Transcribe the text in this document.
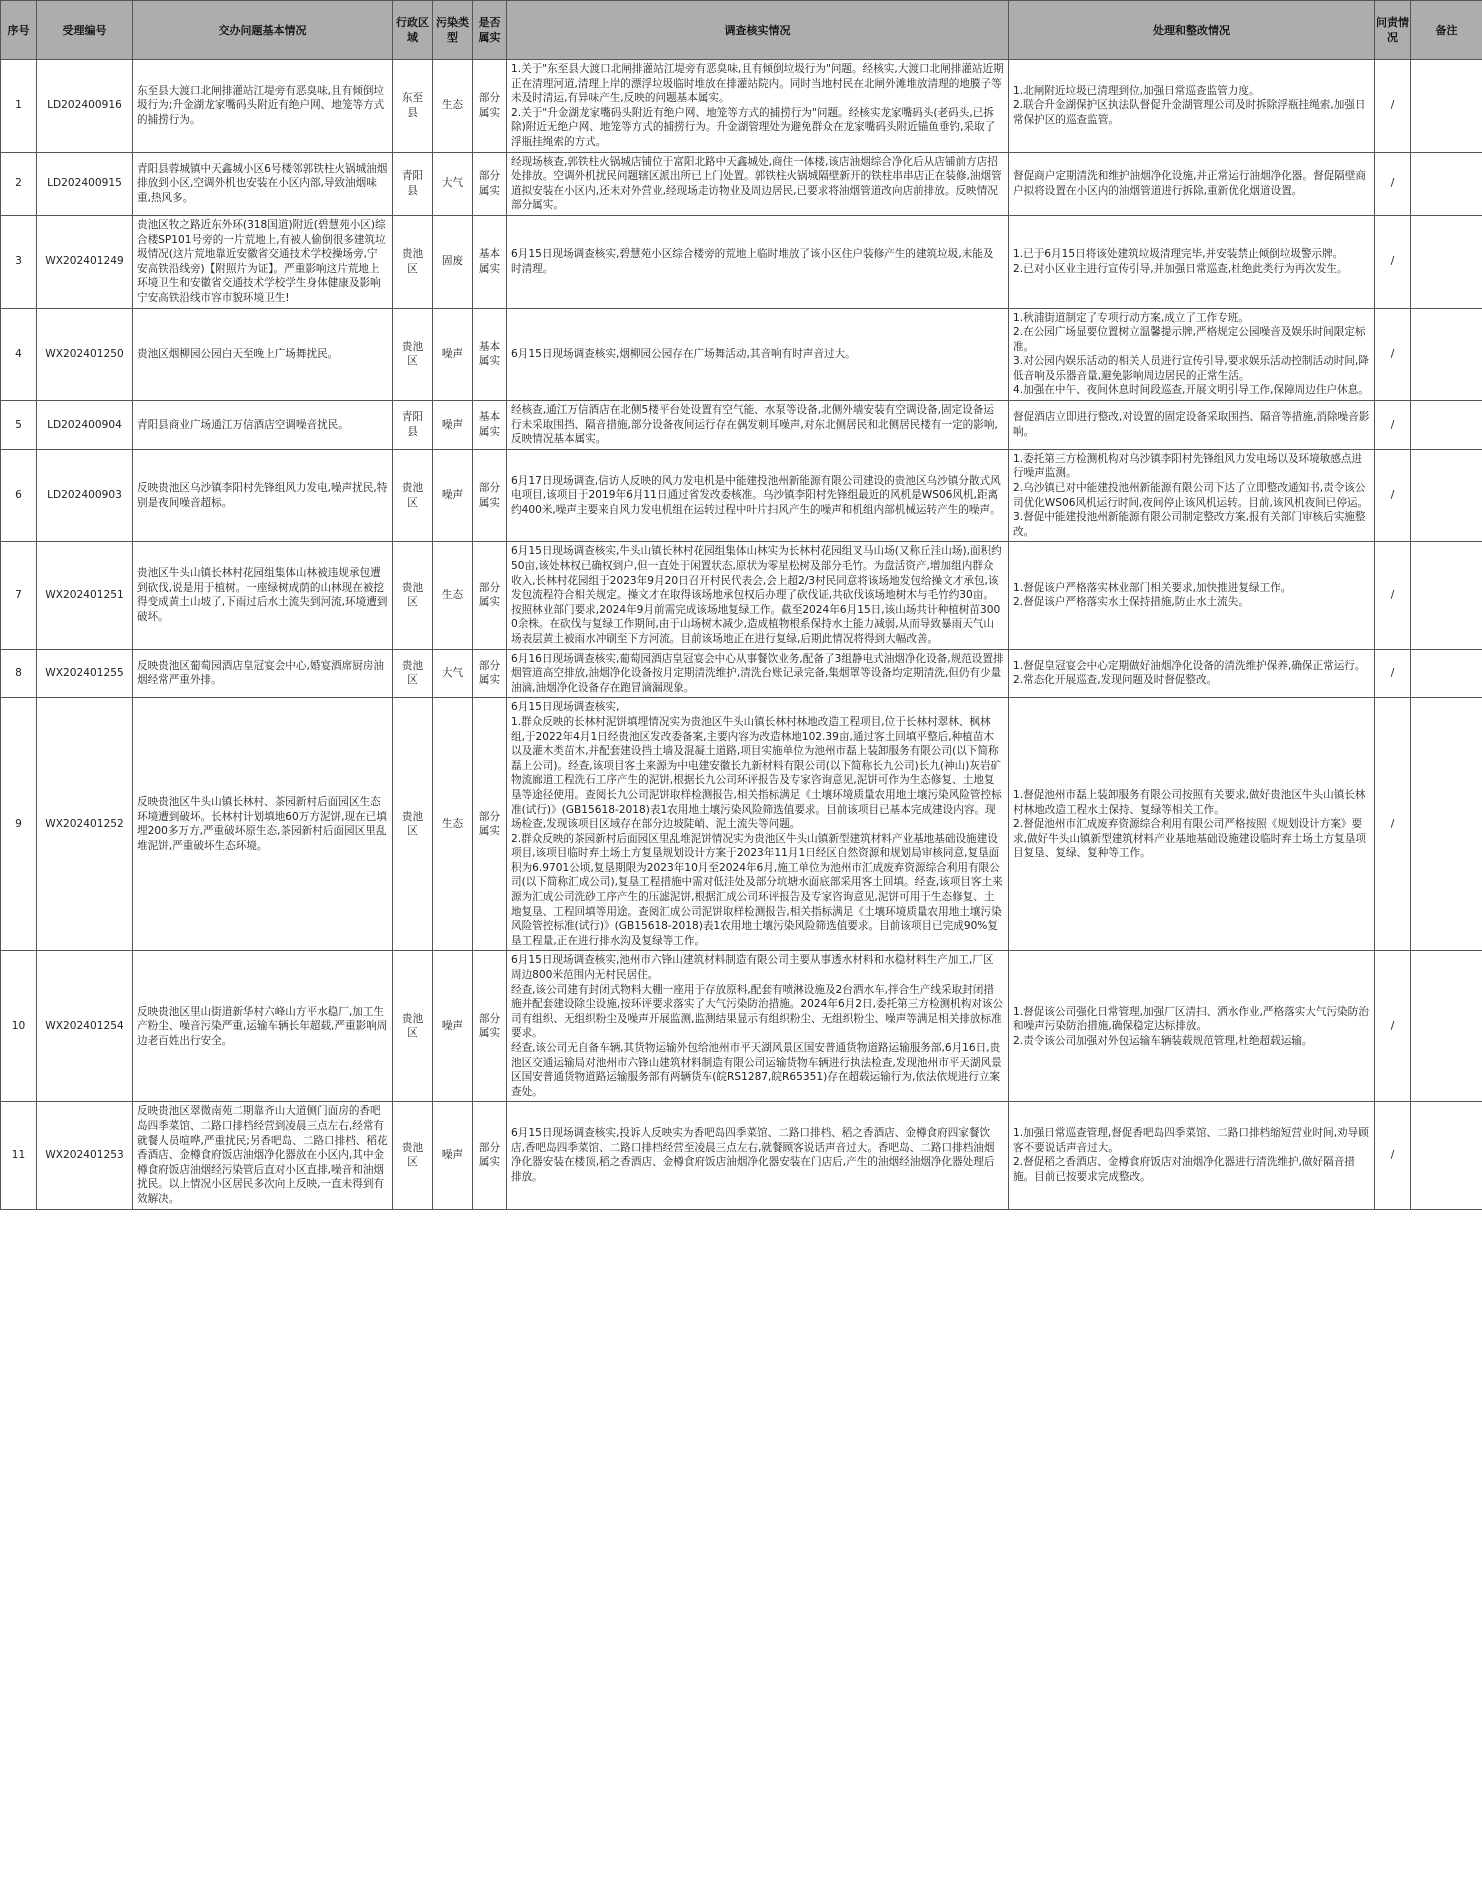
序号	受理编号	交办问题基本情况	行政区域	污染类型	是否属实	调查核实情况	处理和整改情况	问责情况	备注
1	LD202400916	东至县大渡口北闸排灌站江堤旁有恶臭味,且有倾倒垃圾行为;升金湖龙家嘴码头附近有绝户网、地笼等方式的捕捞行为。	东至县	生态	部分属实	1.关于"东至县大渡口北闸排灌站江堤旁有恶臭味,且有倾倒垃圾行为"问题。经核实,大渡口北闸排灌站近期正在清理河道,清理上岸的漂浮垃圾临时堆放在排灌站院内。同时当地村民在北闸外滩堆放清理的地膜子等未及时清运,有异味产生,反映的问题基本属实。
2.关于"升金湖龙家嘴码头附近有绝户网、地笼等方式的捕捞行为"问题。经核实龙家嘴码头(老码头,已拆除)附近无绝户网、地笼等方式的捕捞行为。升金湖管理处为避免群众在龙家嘴码头附近锚鱼垂钓,采取了浮瓶挂绳索的方式。	1.北闸附近垃圾已清理到位,加强日常巡查监管力度。
2.联合升金湖保护区执法队督促升金湖管理公司及时拆除浮瓶挂绳索,加强日常保护区的巡查监管。	/	
2	LD202400915	青阳县蓉城镇中天鑫城小区6号楼邻郭铁柱火锅城油烟排放到小区,空调外机也安装在小区内部,导致油烟味重,热风多。	青阳县	大气	部分属实	经现场核查,郭铁柱火锅城店铺位于富阳北路中天鑫城处,商住一体楼,该店油烟综合净化后从店铺前方店招处排放。空调外机扰民问题辖区派出所已上门处置。郭铁柱火锅城隔壁新开的铁柱串串店正在装修,油烟管道拟安装在小区内,还未对外营业,经现场走访物业及周边居民,已要求将油烟管道改向店前排放。反映情况部分属实。	督促商户定期清洗和维护油烟净化设施,并正常运行油烟净化器。督促隔壁商户拟将设置在小区内的油烟管道进行拆除,重新优化烟道设置。	/	
3	WX202401249	贵池区牧之路近东外环(318国道)附近(碧慧苑小区)综合楼SP101号旁的一片荒地上,有被人偷倒很多建筑垃圾情况(这片荒地靠近安徽省交通技术学校操场旁,宁安高铁沿线旁)【附照片为证】。严重影响这片荒地上环境卫生和安徽省交通技术学校学生身体健康及影响宁安高铁沿线市容市貌环境卫生!	贵池区	固废	基本属实	6月15日现场调查核实,碧慧苑小区综合楼旁的荒地上临时堆放了该小区住户装修产生的建筑垃圾,未能及时清理。	1.已于6月15日将该处建筑垃圾清理完毕,并安装禁止倾倒垃圾警示牌。
2.已对小区业主进行宣传引导,并加强日常巡查,杜绝此类行为再次发生。	/	
4	WX202401250	贵池区烟柳园公园白天至晚上广场舞扰民。	贵池区	噪声	基本属实	6月15日现场调查核实,烟柳园公园存在广场舞活动,其音响有时声音过大。	1.秋浦街道制定了专项行动方案,成立了工作专班。
2.在公园广场显要位置树立温馨提示牌,严格规定公园噪音及娱乐时间限定标准。
3.对公园内娱乐活动的相关人员进行宣传引导,要求娱乐活动控制活动时间,降低音响及乐器音量,避免影响周边居民的正常生活。
4.加强在中午、夜间休息时间段巡查,开展文明引导工作,保障周边住户休息。	/	
5	LD202400904	青阳县商业广场通江万信酒店空调噪音扰民。	青阳县	噪声	基本属实	经核查,通江万信酒店在北侧5楼平台处设置有空气能、水泵等设备,北侧外墙安装有空调设备,固定设备运行未采取围挡、隔音措施,部分设备夜间运行存在偶发刺耳噪声,对东北侧居民和北侧居民楼有一定的影响,反映情况基本属实。	督促酒店立即进行整改,对设置的固定设备采取围挡、隔音等措施,消除噪音影响。	/	
6	LD202400903	反映贵池区乌沙镇李阳村先锋组风力发电,噪声扰民,特别是夜间噪音超标。	贵池区	噪声	部分属实	6月17日现场调查,信访人反映的风力发电机是中能建投池州新能源有限公司建设的贵池区乌沙镇分散式风电项目,该项目于2019年6月11日通过省发改委核准。乌沙镇李阳村先锋组最近的风机是WS06风机,距离约400米,噪声主要来自风力发电机组在运转过程中叶片扫风产生的噪声和机组内部机械运转产生的噪声。	1.委托第三方检测机构对乌沙镇李阳村先锋组风力发电场以及环境敏感点进行噪声监测。
2.乌沙镇已对中能建投池州新能源有限公司下达了立即整改通知书,责令该公司优化WS06风机运行时间,夜间停止该风机运转。目前,该风机夜间已停运。
3.督促中能建投池州新能源有限公司制定整改方案,报有关部门审核后实施整改。	/	
7	WX202401251	贵池区牛头山镇长林村花园组集体山林被违规承包遭到砍伐,说是用于植树。一座绿树成荫的山林现在被挖得变成黄土山坡了,下雨过后水土流失到河流,环境遭到破坏。	贵池区	生态	部分属实	6月15日现场调查核实,牛头山镇长林村花园组集体山林实为长林村花园组叉马山场(又称丘洼山场),面积约50亩,该处林权已确权到户,但一直处于闲置状态,原状为零星松树及部分毛竹。为盘活资产,增加组内群众收入,长林村花园组于2023年9月20日召开村民代表会,会上超2/3村民同意将该场地发包给操文才承包,该发包流程符合相关规定。操文才在取得该场地承包权后办理了砍伐证,共砍伐该场地树木与毛竹约30亩。按照林业部门要求,2024年9月前需完成该场地复绿工作。截至2024年6月15日,该山场共计种植树苗3000余株。在砍伐与复绿工作期间,由于山场树木减少,造成植物根系保持水土能力减弱,从而导致暴雨天气山场表层黄土被雨水冲刷至下方河流。目前该场地正在进行复绿,后期此情况将得到大幅改善。	1.督促该户严格落实林业部门相关要求,加快推进复绿工作。
2.督促该户严格落实水土保持措施,防止水土流失。	/	
8	WX202401255	反映贵池区葡萄园酒店皇冠宴会中心,婚宴酒席厨房油烟经常严重外排。	贵池区	大气	部分属实	6月16日现场调查核实,葡萄园酒店皇冠宴会中心从事餐饮业务,配备了3组静电式油烟净化设备,规范设置排烟管道高空排放,油烟净化设备按月定期清洗维护,清洗台账记录完备,集烟罩等设备均定期清洗,但仍有少量油滴,油烟净化设备存在跑冒滴漏现象。	1.督促皇冠宴会中心定期做好油烟净化设备的清洗维护保养,确保正常运行。
2.常态化开展巡查,发现问题及时督促整改。	/	
9	WX202401252	反映贵池区牛头山镇长林村、茶园新村后面园区生态环境遭到破坏。长林村计划填地60万方泥饼,现在已填埋200多万方,严重破坏原生态,茶园新村后面园区里乱堆泥饼,严重破坏生态环境。	贵池区	生态	部分属实	6月15日现场调查核实,
1.群众反映的长林村泥饼填埋情况实为贵池区牛头山镇长林村林地改造工程项目,位于长林村翠林、枫林组,于2022年4月1日经贵池区发改委备案,主要内容为改造林地102.39亩,通过客土回填平整后,种植苗木以及灌木类苗木,并配套建设挡土墙及混凝土道路,项目实施单位为池州市磊上装卸服务有限公司(以下简称磊上公司)。经查,该项目客土来源为中电建安徽长九新材料有限公司(以下简称长九公司)长九(神山)灰岩矿物流廊道工程洗石工序产生的泥饼,根据长九公司环评报告及专家咨询意见,泥饼可作为生态修复、土地复垦等途径使用。查阅长九公司泥饼取样检测报告,相关指标满足《土壤环境质量农用地土壤污染风险管控标准(试行)》(GB15618-2018)表1农用地土壤污染风险筛选值要求。目前该项目已基本完成建设内容。现场检查,发现该项目区域存在部分边坡陡峭、泥土流失等问题。
2.群众反映的茶园新村后面园区里乱堆泥饼情况实为贵池区牛头山镇新型建筑材料产业基地基础设施建设项目,该项目临时弃土场土方复垦规划设计方案于2023年11月1日经区自然资源和规划局审核同意,复垦面积为6.9701公顷,复垦期限为2023年10月至2024年6月,施工单位为池州市汇成废弃资源综合利用有限公司(以下简称汇成公司),复垦工程措施中需对低洼处及部分坑塘水面底部采用客土回填。经查,该项目客土来源为汇成公司洗砂工序产生的压滤泥饼,根据汇成公司环评报告及专家咨询意见,泥饼可用于生态修复、土地复垦、工程回填等用途。查阅汇成公司泥饼取样检测报告,相关指标满足《土壤环境质量农用地土壤污染风险管控标准(试行)》(GB15618-2018)表1农用地土壤污染风险筛选值要求。目前该项目已完成90%复垦工程量,正在进行排水沟及复绿等工作。	1.督促池州市磊上装卸服务有限公司按照有关要求,做好贵池区牛头山镇长林村林地改造工程水土保持、复绿等相关工作。
2.督促池州市汇成废弃资源综合利用有限公司严格按照《规划设计方案》要求,做好牛头山镇新型建筑材料产业基地基础设施建设临时弃土场土方复垦项目复垦、复绿、复种等工作。	/	
10	WX202401254	反映贵池区里山街道新华村六峰山方平水稳厂,加工生产粉尘、噪音污染严重,运输车辆长年超载,严重影响周边老百姓出行安全。	贵池区	噪声	部分属实	6月15日现场调查核实,池州市六锋山建筑材料制造有限公司主要从事透水材料和水稳材料生产加工,厂区周边800米范围内无村民居住。
经查,该公司建有封闭式物料大棚一座用于存放原料,配套有喷淋设施及2台洒水车,拌合生产线采取封闭措施并配套建设除尘设施,按环评要求落实了大气污染防治措施。2024年6月2日,委托第三方检测机构对该公司有组织、无组织粉尘及噪声开展监测,监测结果显示有组织粉尘、无组织粉尘、噪声等满足相关排放标准要求。
经查,该公司无自备车辆,其货物运输外包给池州市平天湖风景区国安普通货物道路运输服务部,6月16日,贵池区交通运输局对池州市六锋山建筑材料制造有限公司运输货物车辆进行执法检查,发现池州市平天湖风景区国安普通货物道路运输服务部有两辆货车(皖RS1287,皖R65351)存在超载运输行为,依法依规进行立案查处。	1.督促该公司强化日常管理,加强厂区清扫、洒水作业,严格落实大气污染防治和噪声污染防治措施,确保稳定达标排放。
2.责令该公司加强对外包运输车辆装载规范管理,杜绝超载运输。	/	
11	WX202401253	反映贵池区翠微南苑二期靠齐山大道侧门面房的香吧岛四季菜馆、二路口排档经营到凌晨三点左右,经常有就餐人员喧哗,严重扰民;另香吧岛、二路口排档、稻花香酒店、金樽食府饭店油烟净化器放在小区内,其中金樽食府饭店油烟经污染管后直对小区直排,噪音和油烟扰民。以上情况小区居民多次向上反映,一直未得到有效解决。	贵池区	噪声	部分属实	6月15日现场调查核实,投诉人反映实为香吧岛四季菜馆、二路口排档、稻之香酒店、金樽食府四家餐饮店,香吧岛四季菜馆、二路口排档经营至凌晨三点左右,就餐顾客说话声音过大。香吧岛、二路口排档油烟净化器安装在楼顶,稻之香酒店、金樽食府饭店油烟净化器安装在门店后,产生的油烟经油烟净化器处理后排放。	1.加强日常巡查管理,督促香吧岛四季菜馆、二路口排档缩短营业时间,劝导顾客不要说话声音过大。
2.督促稻之香酒店、金樽食府饭店对油烟净化器进行清洗维护,做好隔音措施。目前已按要求完成整改。	/	
